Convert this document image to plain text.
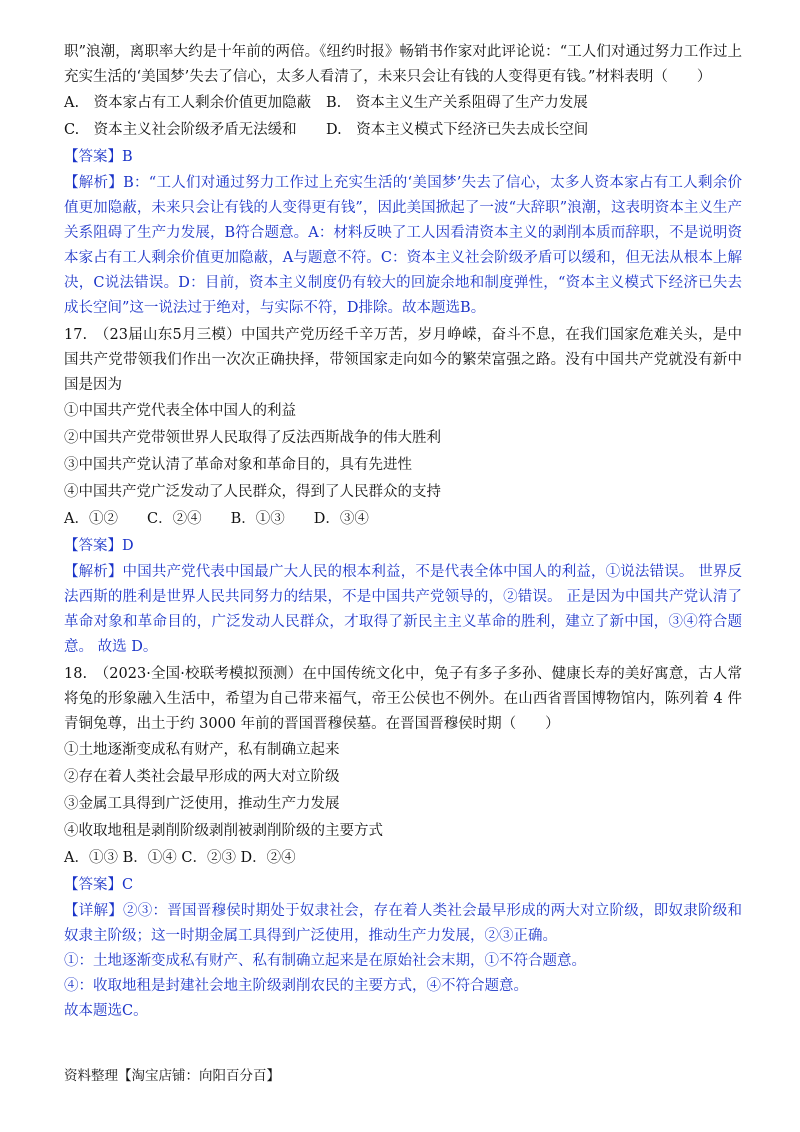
职”浪潮，离职率大约是十年前的两倍。《纽约时报》畅销书作家对此评论说：“工人们对通过努力工作过上充实生活的‘美国梦’失去了信心，太多人看清了，未来只会让有钱的人变得更有钱。”材料表明（　　）

A.　资本家占有工人剩余价值更加隐蔽	B.　资本主义生产关系阻碍了生产力发展
C.　资本主义社会阶级矛盾无法缓和	D.　资本主义模式下经济已失去成长空间

【答案】B

【解析】B：“工人们对通过努力工作过上充实生活的‘美国梦’失去了信心，太多人资本家占有工人剩余价值更加隐蔽，未来只会让有钱的人变得更有钱”，因此美国掀起了一波“大辞职”浪潮，这表明资本主义生产关系阻碍了生产力发展，B符合题意。A：材料反映了工人因看清资本主义的剥削本质而辞职，不是说明资本家占有工人剩余价值更加隐蔽，A与题意不符。C：资本主义社会阶级矛盾可以缓和，但无法从根本上解决，C说法错误。D：目前，资本主义制度仍有较大的回旋余地和制度弹性，“资本主义模式下经济已失去成长空间”这一说法过于绝对，与实际不符，D排除。故本题选B。

17.　（23届山东5月三模）中国共产党历经千辛万苦，岁月峥嵘，奋斗不息，在我们国家危难关头，是中国共产党带领我们作出一次次正确抉择，带领国家走向如今的繁荣富强之路。没有中国共产党就没有新中国是因为

①中国共产党代表全体中国人的利益

②中国共产党带领世界人民取得了反法西斯战争的伟大胜利

③中国共产党认清了革命对象和革命目的，具有先进性

④中国共产党广泛发动了人民群众，得到了人民群众的支持

A．①②　　C．②④　　B．①③　　D．③④

【答案】D

【解析】中国共产党代表中国最广大人民的根本利益，不是代表全体中国人的利益，①说法错误。 世界反法西斯的胜利是世界人民共同努力的结果，不是中国共产党领导的，②错误。 正是因为中国共产党认清了革命对象和革命目的，广泛发动人民群众，才取得了新民主主义革命的胜利，建立了新中国，③④符合题意。 故选 D。

18.　（2023·全国·校联考模拟预测）在中国传统文化中，兔子有多子多孙、健康长寿的美好寓意，古人常将兔的形象融入生活中，希望为自己带来福气，帝王公侯也不例外。在山西省晋国博物馆内，陈列着 4 件青铜兔尊，出土于约 3000 年前的晋国晋穆侯墓。在晋国晋穆侯时期（　　）

①土地逐渐变成私有财产，私有制确立起来

②存在着人类社会最早形成的两大对立阶级

③金属工具得到广泛使用，推动生产力发展

④收取地租是剥削阶级剥削被剥削阶级的主要方式

A．①③ B．①④ C．②③ D．②④

【答案】C

【详解】②③：晋国晋穆侯时期处于奴隶社会，存在着人类社会最早形成的两大对立阶级，即奴隶阶级和奴隶主阶级；这一时期金属工具得到广泛使用，推动生产力发展，②③正确。

①：土地逐渐变成私有财产、私有制确立起来是在原始社会末期，①不符合题意。

④：收取地租是封建社会地主阶级剥削农民的主要方式，④不符合题意。

故本题选C。

资料整理【淘宝店铺：向阳百分百】
